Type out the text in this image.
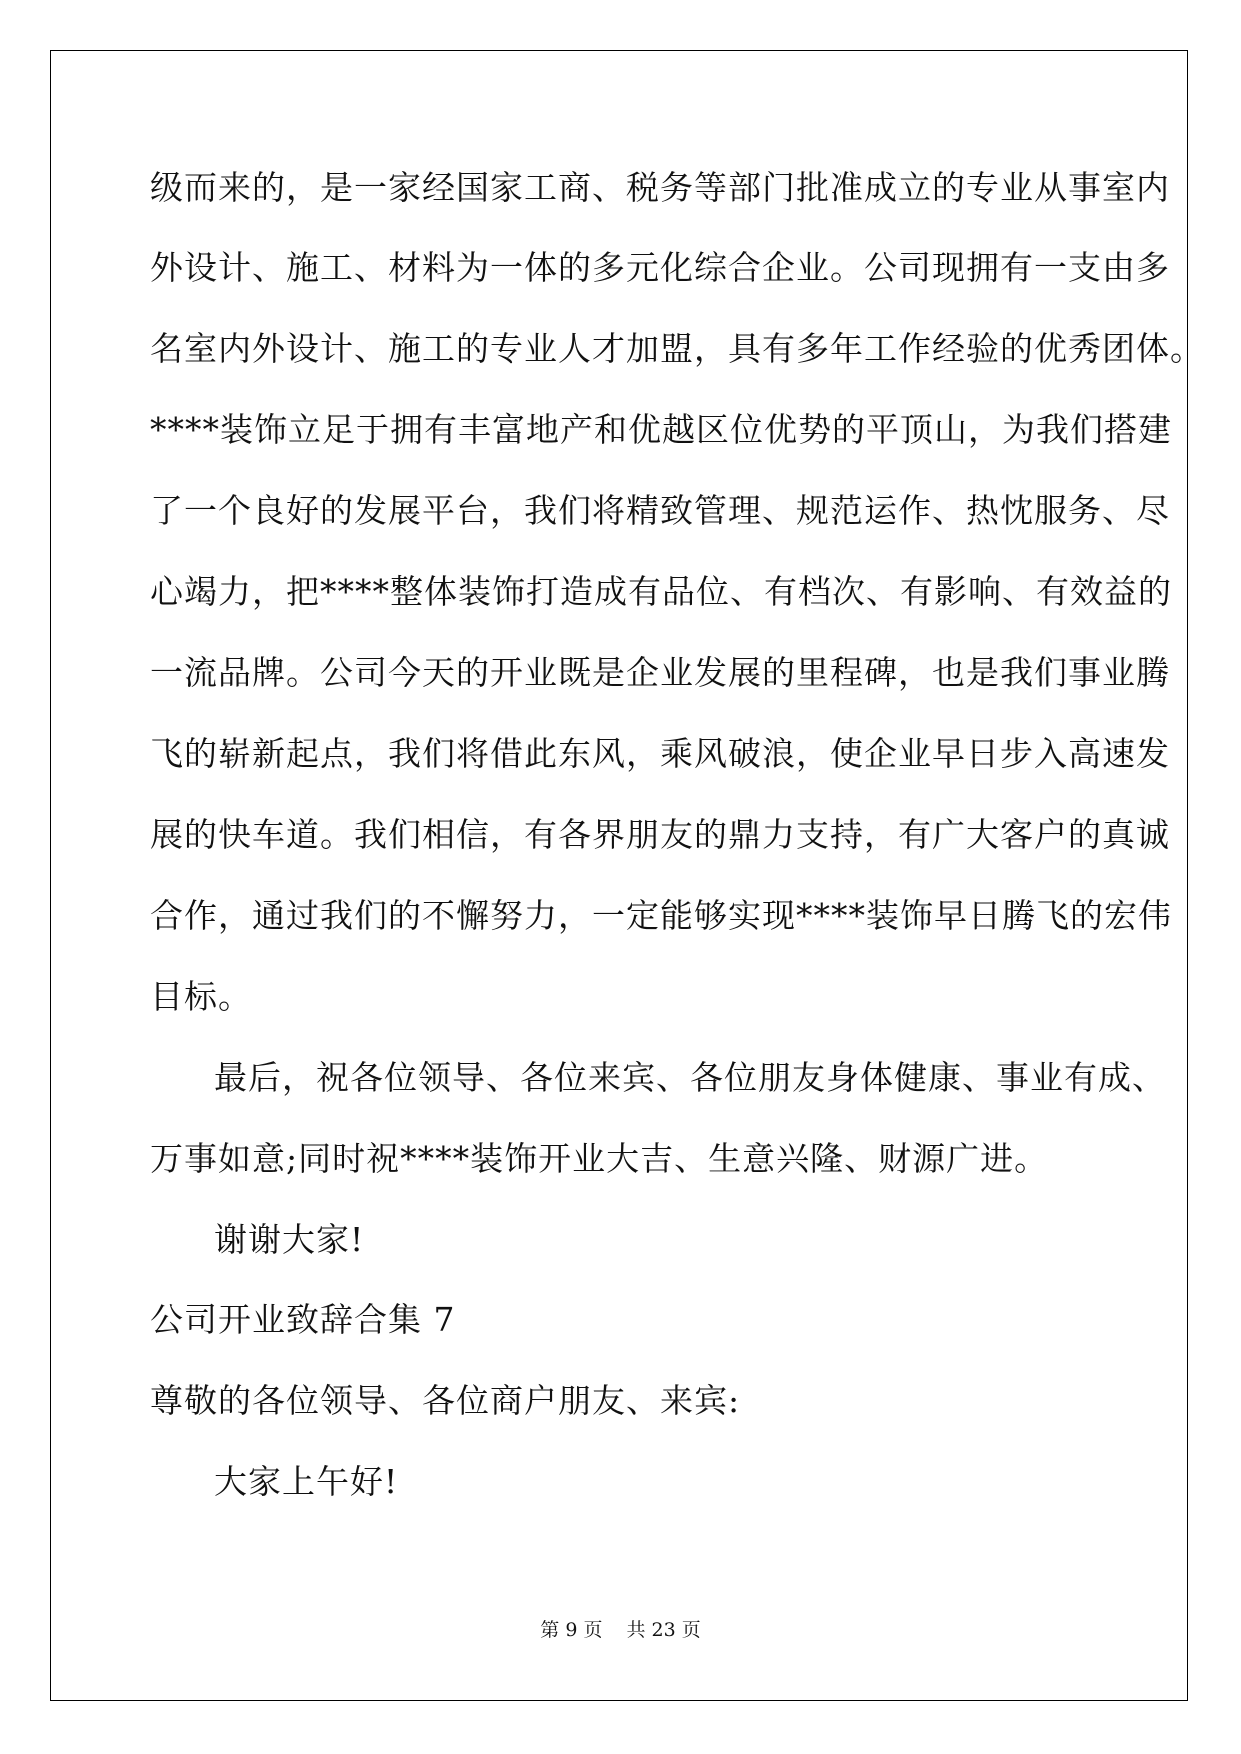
级而来的，是一家经国家工商、税务等部门批准成立的专业从事室内
外设计、施工、材料为一体的多元化综合企业。公司现拥有一支由多
名室内外设计、施工的专业人才加盟，具有多年工作经验的优秀团体。
****装饰立足于拥有丰富地产和优越区位优势的平顶山，为我们搭建
了一个良好的发展平台，我们将精致管理、规范运作、热忱服务、尽
心竭力，把****整体装饰打造成有品位、有档次、有影响、有效益的
一流品牌。公司今天的开业既是企业发展的里程碑，也是我们事业腾
飞的崭新起点，我们将借此东风，乘风破浪，使企业早日步入高速发
展的快车道。我们相信，有各界朋友的鼎力支持，有广大客户的真诚
合作，通过我们的不懈努力，一定能够实现****装饰早日腾飞的宏伟
目标。
最后，祝各位领导、各位来宾、各位朋友身体健康、事业有成、
万事如意;同时祝****装饰开业大吉、生意兴隆、财源广进。
谢谢大家!
公司开业致辞合集 7
尊敬的各位领导、各位商户朋友、来宾:
大家上午好!
第 9 页 共 23 页
